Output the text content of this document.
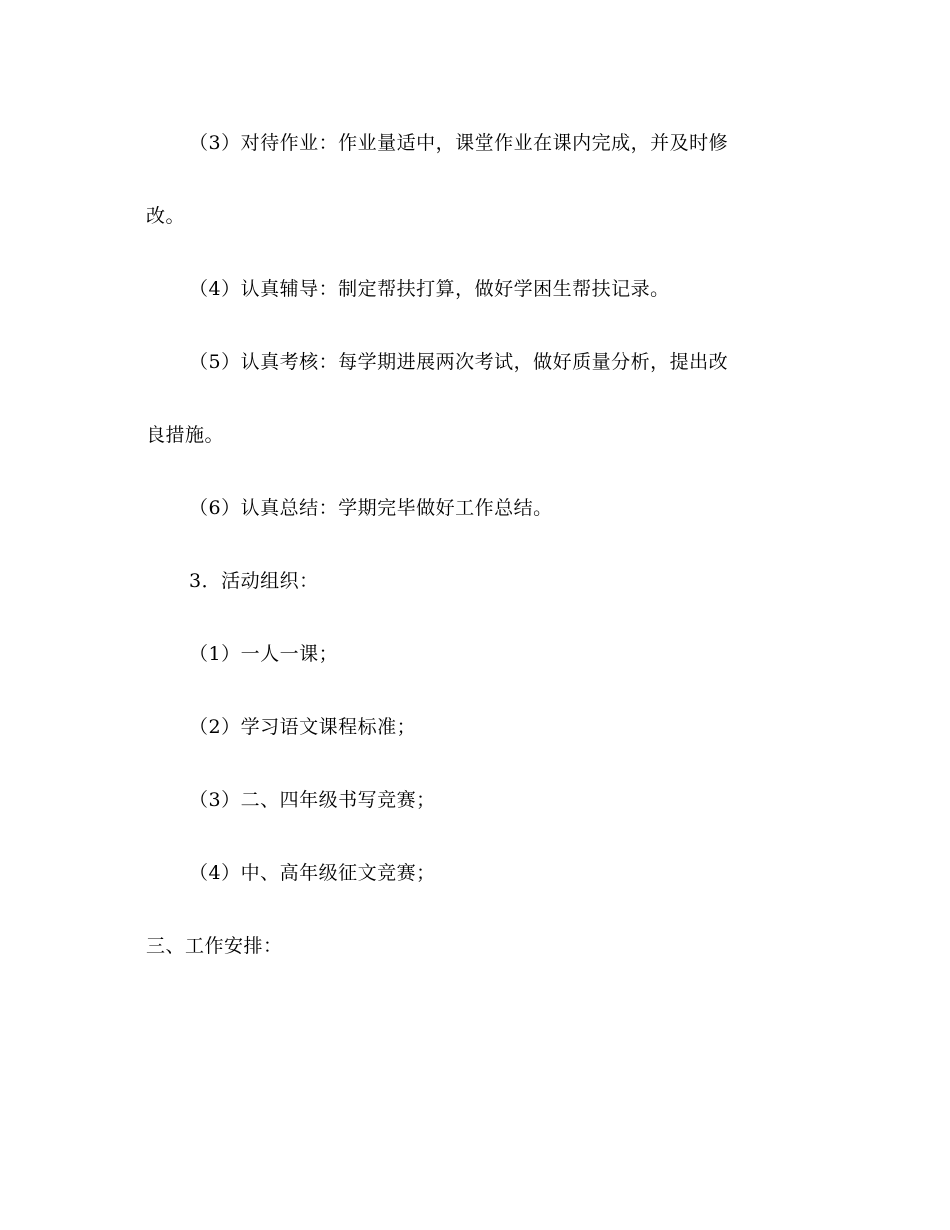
（3）对待作业：作业量适中，课堂作业在课内完成，并及时修
改。
（4）认真辅导：制定帮扶打算，做好学困生帮扶记录。
（5）认真考核：每学期进展两次考试，做好质量分析，提出改
良措施。
（6）认真总结：学期完毕做好工作总结。
3．活动组织：
（1）一人一课；
（2）学习语文课程标准；
（3）二、四年级书写竞赛；
（4）中、高年级征文竞赛；
三、工作安排：
